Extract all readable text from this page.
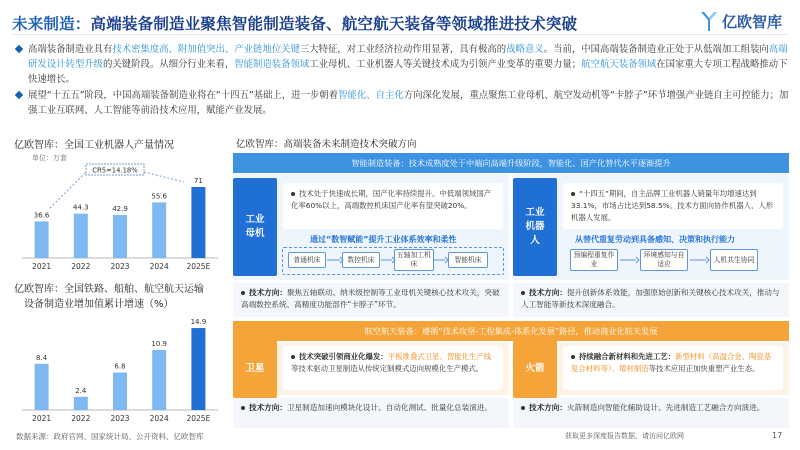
未来制造：高端装备制造业聚焦智能制造装备、航空航天装备等领域推进技术突破	亿欧智库
高端装备制造业具有技术密集度高、附加值突出、产业链地位关键三大特征，对工业经济拉动作用显著，具有极高的战略意义。当前，中国高端装备制造业正处于从低端加工组装向高端研发设计转型升级的关键阶段。从细分行业来看，智能制造装备领域工业母机、工业机器人等关键技术成为引领产业变革的重要力量；航空航天装备领域在国家重大专项工程战略推动下快速增长。
展望“十五五”阶段，中国高端装备制造业将在“十四五”基础上，进一步朝着智能化、自主化方向深化发展，重点聚焦工业母机、航空发动机等“卡脖子”环节增强产业链自主可控能力；加强工业互联网、人工智能等前沿技术应用，赋能产业发展。
亿欧智库：全国工业机器人产量情况
单位：万套
36.6
2021
44.3
2022
42.9
2023
55.6
2024
71
2025E
CR5=14.18%
亿欧智库：全国铁路、船舶、航空航天运输
设备制造业增加值累计增速（%）
8.4
2021
2.4
2022
6.8
2023
10.9
2024
14.9
2025E
数据来源：政府官网、国家统计局、公开资料、亿欧智库
亿欧智库：高端装备未来制造技术突破方向
智能制造装备：技术成熟度处于中端向高端升级阶段，智能化、国产化替代水平逐渐提升
工业母机
技术处于快速成长期，国产化率持续提升。中低端领域国产化率60%以上，高端数控机床国产化率有望突破20%。
通过“数智赋能”提升工业体系效率和柔性
普通机床	数控机床
五轴加工机床
智能机床
工业机器人
“十四五”期间，自主品牌工业机器人销量年均增速达到33.1%，市场占比达到58.5%。技术方面向协作机器人、人形机器人发展。
从替代重复劳动到具备感知、决策和执行能力
预编程重复作业
环境感知与自适应
人机共生协同
技术方向：聚焦五轴联动、纳米级控制等工业母机关键核心技术攻关，突破高端数控系统、高精度功能部件“卡脖子”环节。
技术方向：提升创新体系效能，加强原始创新和关键核心技术攻关，推动与人工智能等新技术深度融合。
航空航天装备：遵循“技术攻坚-工程集成-体系化发展”路径，推动商业化航天发展
卫星
技术突破引领商业化爆发：平板堆叠式卫星、智能化生产线等技术驱动卫星制造从传统定制模式迈向规模化生产模式。
技术方向：卫星制造加速向模块化设计、自动化测试、批量化总装演进。
火箭
持续融合新材料和先进工艺：新型材料（高温合金、陶瓷基复合材料等）、增材制造等技术应用正加快重塑产业生态。
技术方向：火箭制造向智能化辅助设计、先进制造工艺融合方向演进。
获取更多深度报告数据，请访问亿欧网	17
